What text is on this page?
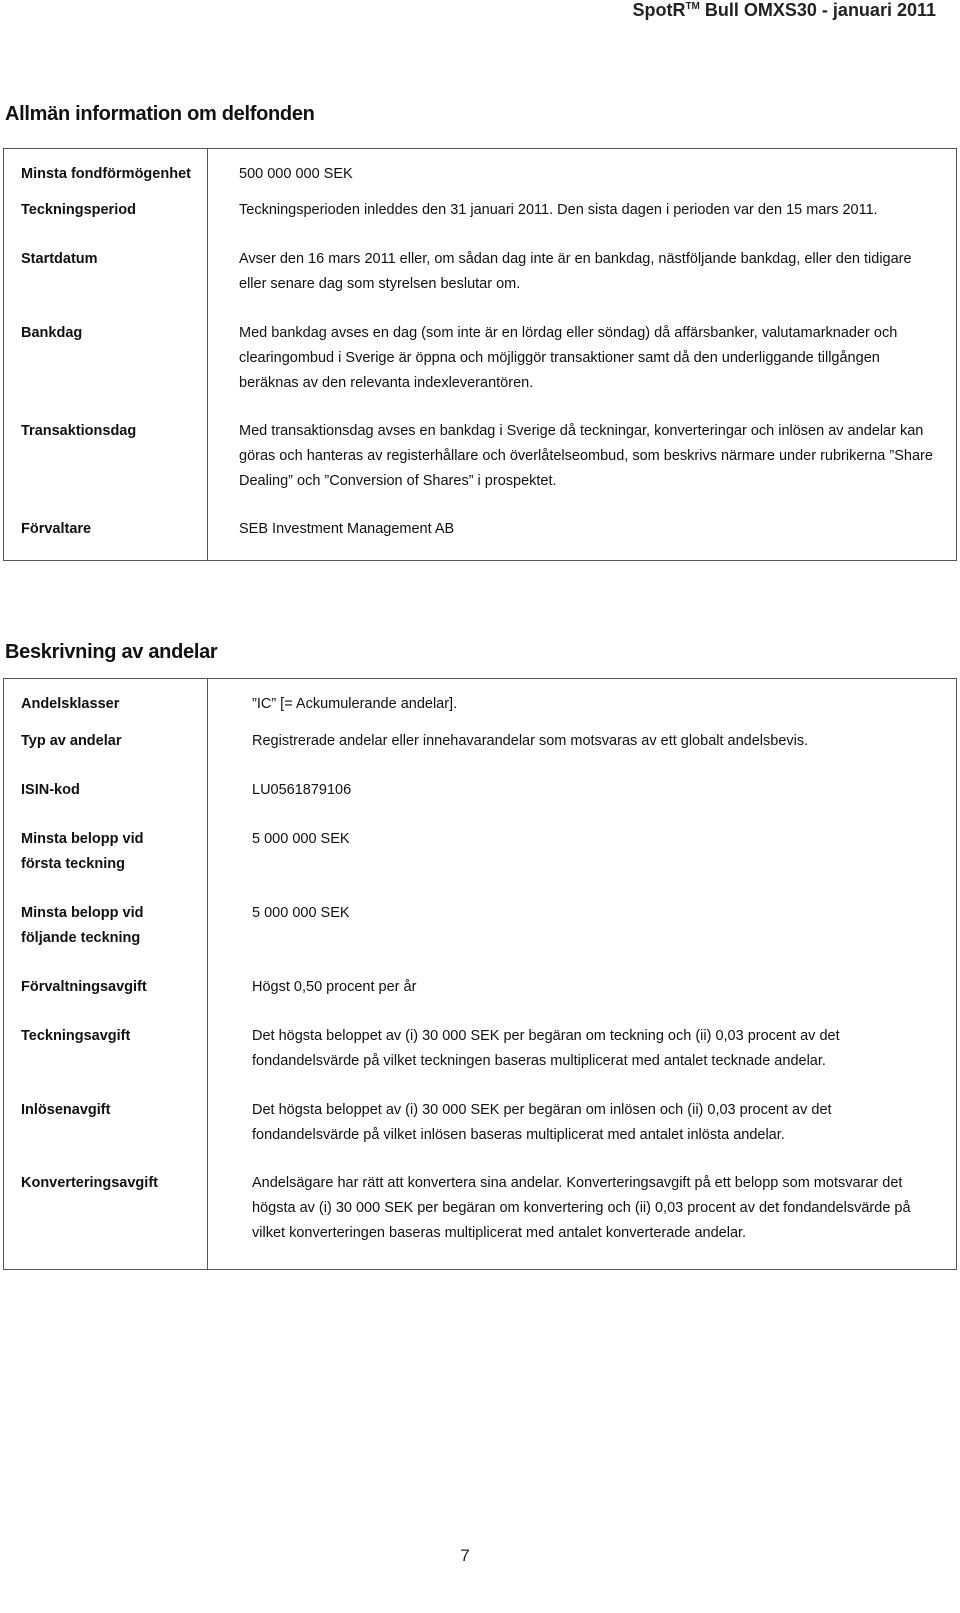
SpotR™ Bull OMXS30 - januari 2011
Allmän information om delfonden
Minsta fondförmögenhet	500 000 000 SEK
Teckningsperiod	Teckningsperioden inleddes den 31 januari 2011. Den sista dagen i perioden var den 15 mars 2011.
Startdatum	Avser den 16 mars 2011 eller, om sådan dag inte är en bankdag, nästföljande bankdag, eller den tidigare eller senare dag som styrelsen beslutar om.
Bankdag	Med bankdag avses en dag (som inte är en lördag eller söndag) då affärsbanker, valutamarknader och clearingombud i Sverige är öppna och möjliggör transaktioner samt då den underliggande tillgången beräknas av den relevanta indexleverantören.
Transaktionsdag	Med transaktionsdag avses en bankdag i Sverige då teckningar, konverteringar och inlösen av andelar kan göras och hanteras av registerhållare och överlåtelseombud, som beskrivs närmare under rubrikerna ”Share Dealing” och ”Conversion of Shares” i prospektet.
Förvaltare	SEB Investment Management AB
Beskrivning av andelar
Andelsklasser	”IC” [= Ackumulerande andelar].
Typ av andelar	Registrerade andelar eller innehavarandelar som motsvaras av ett globalt andelsbevis.
ISIN-kod	LU0561879106
Minsta belopp vid första teckning	5 000 000 SEK
Minsta belopp vid följande teckning	5 000 000 SEK
Förvaltningsavgift	Högst 0,50 procent per år
Teckningsavgift	Det högsta beloppet av (i) 30 000 SEK per begäran om teckning och (ii) 0,03 procent av det fondandelsvärde på vilket teckningen baseras multiplicerat med antalet tecknade andelar.
Inlösenavgift	Det högsta beloppet av (i) 30 000 SEK per begäran om inlösen och (ii) 0,03 procent av det fondandelsvärde på vilket inlösen baseras multiplicerat med antalet inlösta andelar.
Konverteringsavgift	Andelsägare har rätt att konvertera sina andelar. Konverteringsavgift på ett belopp som motsvarar det högsta av (i) 30 000 SEK per begäran om konvertering och (ii) 0,03 procent av det fondandelsvärde på vilket konverteringen baseras multiplicerat med antalet konverterade andelar.
7
